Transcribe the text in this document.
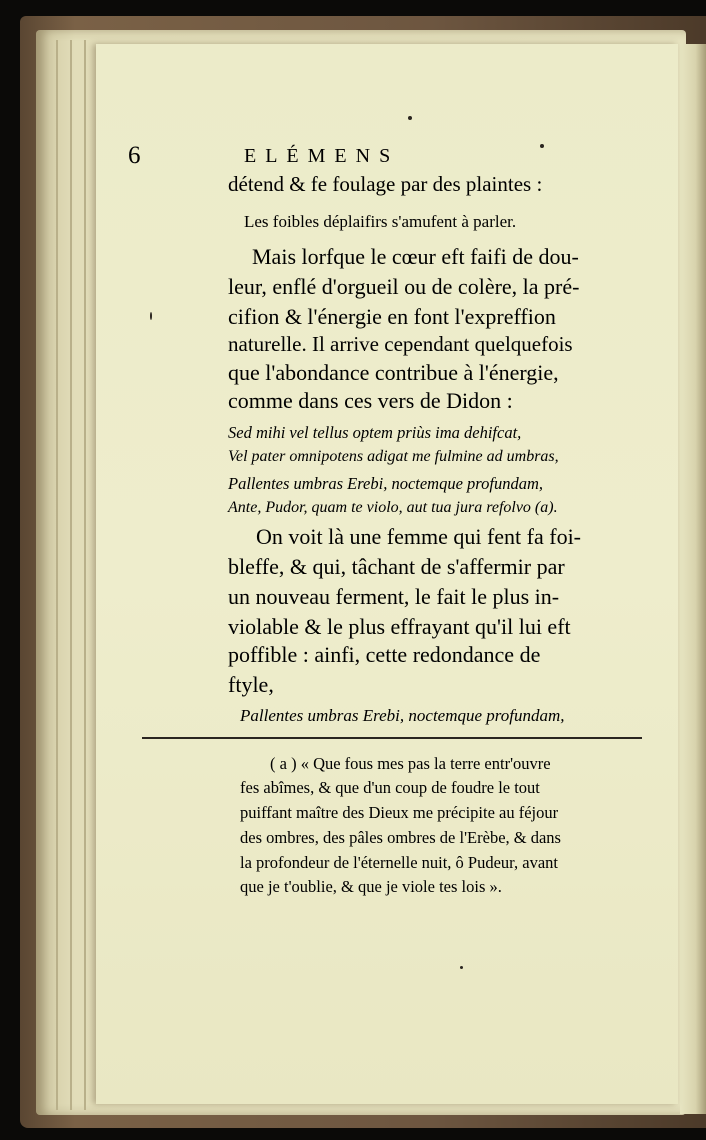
6	ELÉMENS
détend & fe foulage par des plaintes :
Les foibles déplaifirs s'amufent à parler.
Mais lorfque le cœur eft faifi de dou-
leur, enflé d'orgueil ou de colère, la pré-
cifion & l'énergie en font l'expreffion
naturelle. Il arrive cependant quelquefois
que l'abondance contribue à l'énergie,
comme dans ces vers de Didon :
Sed mihi vel tellus optem priùs ima dehifcat,
Vel pater omnipotens adigat me fulmine ad umbras,
Pallentes umbras Erebi, noctemque profundam,
Ante, Pudor, quam te violo, aut tua jura refolvo (a).
On voit là une femme qui fent fa foi-
bleffe, & qui, tâchant de s'affermir par
un nouveau ferment, le fait le plus in-
violable & le plus effrayant qu'il lui eft
poffible : ainfi, cette redondance de
ftyle,
Pallentes umbras Erebi, noctemque profundam,
( a ) « Que fous mes pas la terre entr'ouvre
fes abîmes, & que d'un coup de foudre le tout
puiffant maître des Dieux me précipite au féjour
des ombres, des pâles ombres de l'Erèbe, & dans
la profondeur de l'éternelle nuit, ô Pudeur, avant
que je t'oublie, & que je viole tes lois ».
